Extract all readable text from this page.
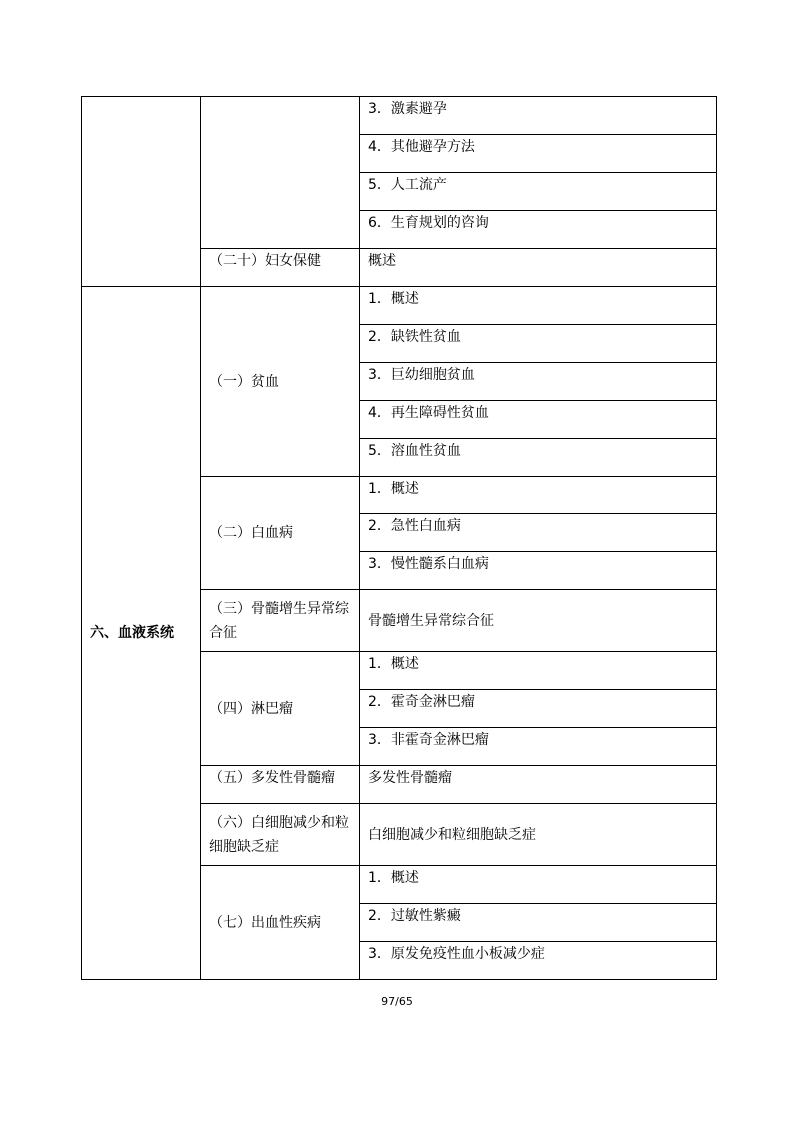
		3．激素避孕
		4．其他避孕方法
		5．人工流产
		6．生育规划的咨询
	（二十）妇女保健	概述
六、血液系统	（一）贫血	1．概述
		2．缺铁性贫血
		3．巨幼细胞贫血
		4．再生障碍性贫血
		5．溶血性贫血
	（二）白血病	1．概述
		2．急性白血病
		3．慢性髓系白血病
	（三）骨髓增生异常综合征	骨髓增生异常综合征
	（四）淋巴瘤	1．概述
		2．霍奇金淋巴瘤
		3．非霍奇金淋巴瘤
	（五）多发性骨髓瘤	多发性骨髓瘤
	（六）白细胞减少和粒细胞缺乏症	白细胞减少和粒细胞缺乏症
	（七）出血性疾病	1．概述
		2．过敏性紫癜
		3．原发免疫性血小板减少症
97/65
